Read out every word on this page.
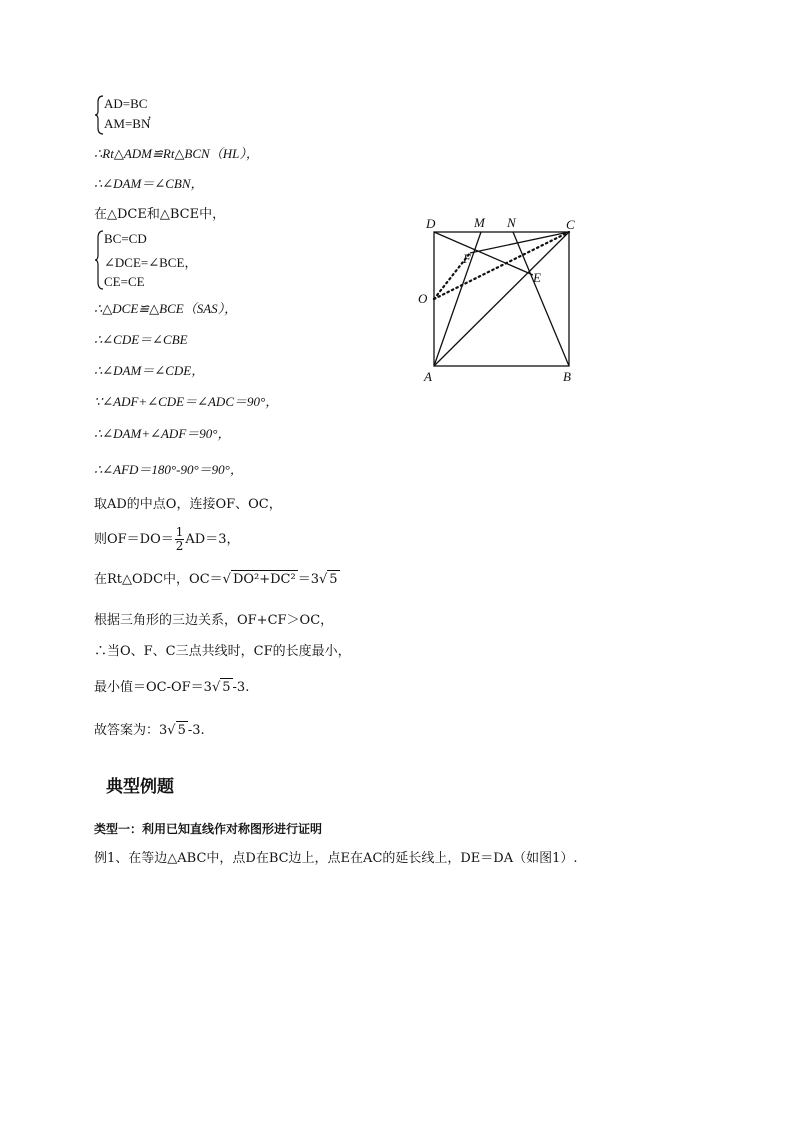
AD=BC
AM=BN
,
∴Rt△ADM≌Rt△BCN（HL），
∴∠DAM＝∠CBN，
在△DCE和△BCE中，
BC=CD
∠DCE=∠BCE，
CE=CE
∴△DCE≌△BCE（SAS），
∴∠CDE＝∠CBE
∴∠DAM＝∠CDE，
∵∠ADF+∠CDE＝∠ADC＝90°，
∴∠DAM+∠ADF＝90°，
∴∠AFD＝180°-90°＝90°，
取AD的中点O，连接OF、OC，
则$OF=DO= \frac{1}{2} AD=3$，
在Rt△ODC中，OC＝√ DO²+DC² ＝3√ 5
根据三角形的三边关系，OF+CF＞OC，
∴当O、F、C三点共线时，CF的长度最小，
最小值＝OC-OF＝3√ 5 -3.
故答案为：3√ 5 -3.
典型例题
类型一：利用已知直线作对称图形进行证明
例1、在等边△ABC中，点D在BC边上，点E在AC的延长线上，DE＝DA（如图1）.
D	M N	C
F
E
O
A	B
